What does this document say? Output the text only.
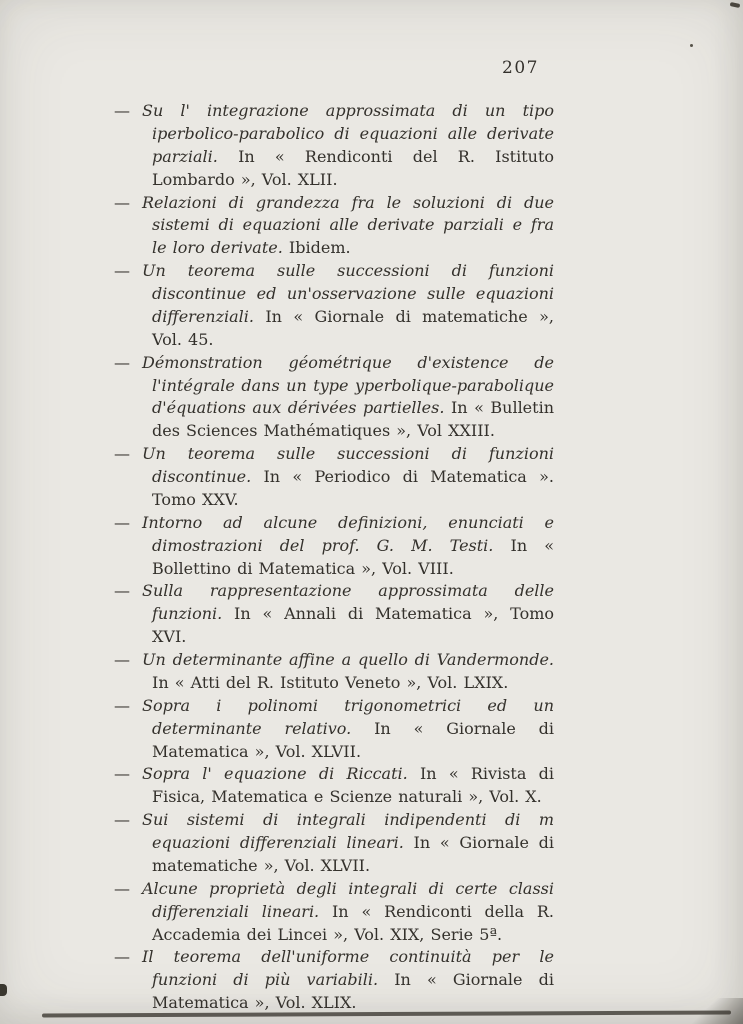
207
— Su l' integrazione approssimata di un tipo iperbolico-parabolico di equazioni alle derivate parziali. In « Rendiconti del R. Istituto Lombardo », Vol. XLII.
— Relazioni di grandezza fra le soluzioni di due sistemi di equazioni alle derivate parziali e fra le loro derivate. Ibidem.
— Un teorema sulle successioni di funzioni discontinue ed un'osservazione sulle equazioni differenziali. In « Giornale di matematiche », Vol. 45.
— Démonstration géométrique d'existence de l'intégrale dans un type yperbolique-parabolique d'équations aux dérivées partielles. In « Bulletin des Sciences Mathématiques », Vol XXIII.
— Un teorema sulle successioni di funzioni discontinue. In « Periodico di Matematica ». Tomo XXV.
— Intorno ad alcune definizioni, enunciati e dimostrazioni del prof. G. M. Testi. In « Bollettino di Matematica », Vol. VIII.
— Sulla rappresentazione approssimata delle funzioni. In « Annali di Matematica », Tomo XVI.
— Un determinante affine a quello di Vandermonde. In « Atti del R. Istituto Veneto », Vol. LXIX.
— Sopra i polinomi trigonometrici ed un determinante relativo. In « Giornale di Matematica », Vol. XLVII.
— Sopra l' equazione di Riccati. In « Rivista di Fisica, Matematica e Scienze naturali », Vol. X.
— Sui sistemi di integrali indipendenti di m equazioni differenziali lineari. In « Giornale di matematiche », Vol. XLVII.
— Alcune proprietà degli integrali di certe classi differenziali lineari. In « Rendiconti della R. Accademia dei Lincei », Vol. XIX, Serie 5ª.
— Il teorema dell'uniforme continuità per le funzioni di più variabili. In « Giornale di Matematica », Vol. XLIX.
